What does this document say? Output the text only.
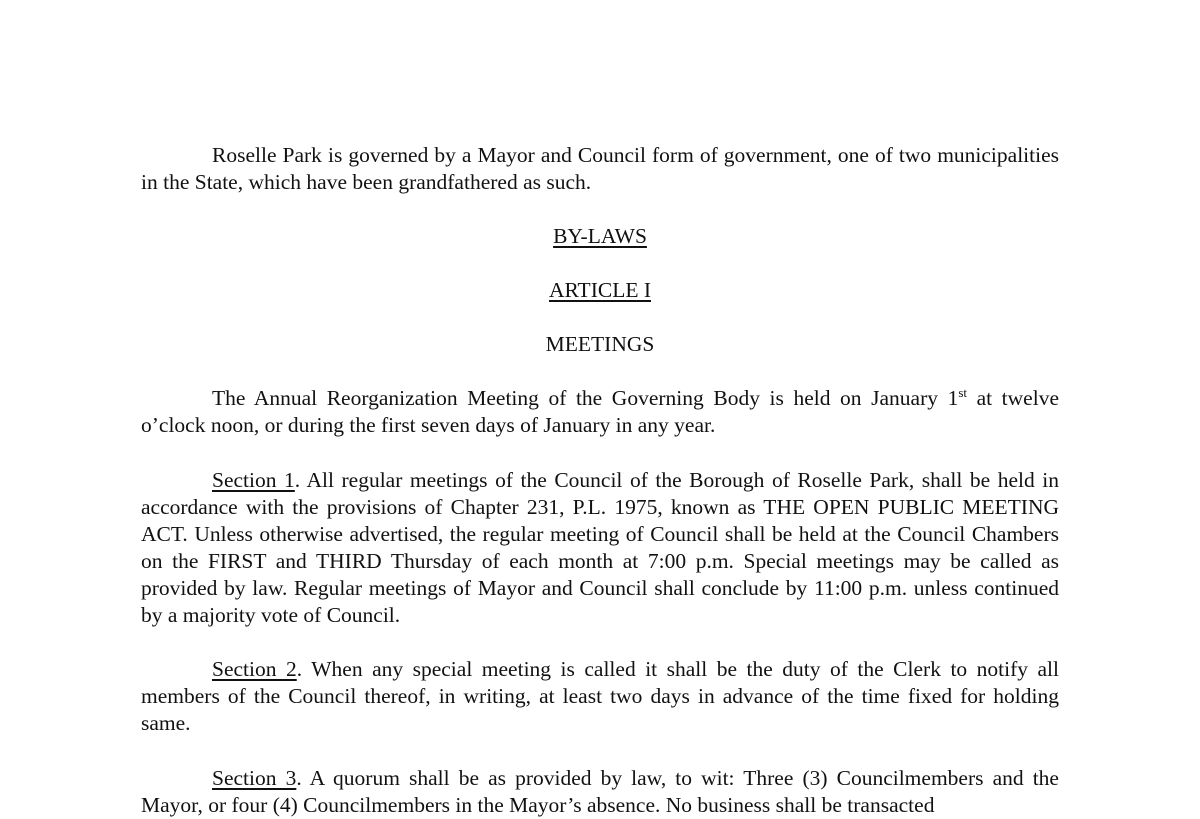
Roselle Park is governed by a Mayor and Council form of government, one of two municipalities in the State, which have been grandfathered as such.

BY-LAWS

ARTICLE I

MEETINGS

The Annual Reorganization Meeting of the Governing Body is held on January 1st at twelve o’clock noon, or during the first seven days of January in any year.

Section 1. All regular meetings of the Council of the Borough of Roselle Park, shall be held in accordance with the provisions of Chapter 231, P.L. 1975, known as THE OPEN PUBLIC MEETING ACT. Unless otherwise advertised, the regular meeting of Council shall be held at the Council Chambers on the FIRST and THIRD Thursday of each month at 7:00 p.m. Special meetings may be called as provided by law. Regular meetings of Mayor and Council shall conclude by 11:00 p.m. unless continued by a majority vote of Council.

Section 2. When any special meeting is called it shall be the duty of the Clerk to notify all members of the Council thereof, in writing, at least two days in advance of the time fixed for holding same.

Section 3. A quorum shall be as provided by law, to wit: Three (3) Councilmembers and the Mayor, or four (4) Councilmembers in the Mayor’s absence. No business shall be transacted
